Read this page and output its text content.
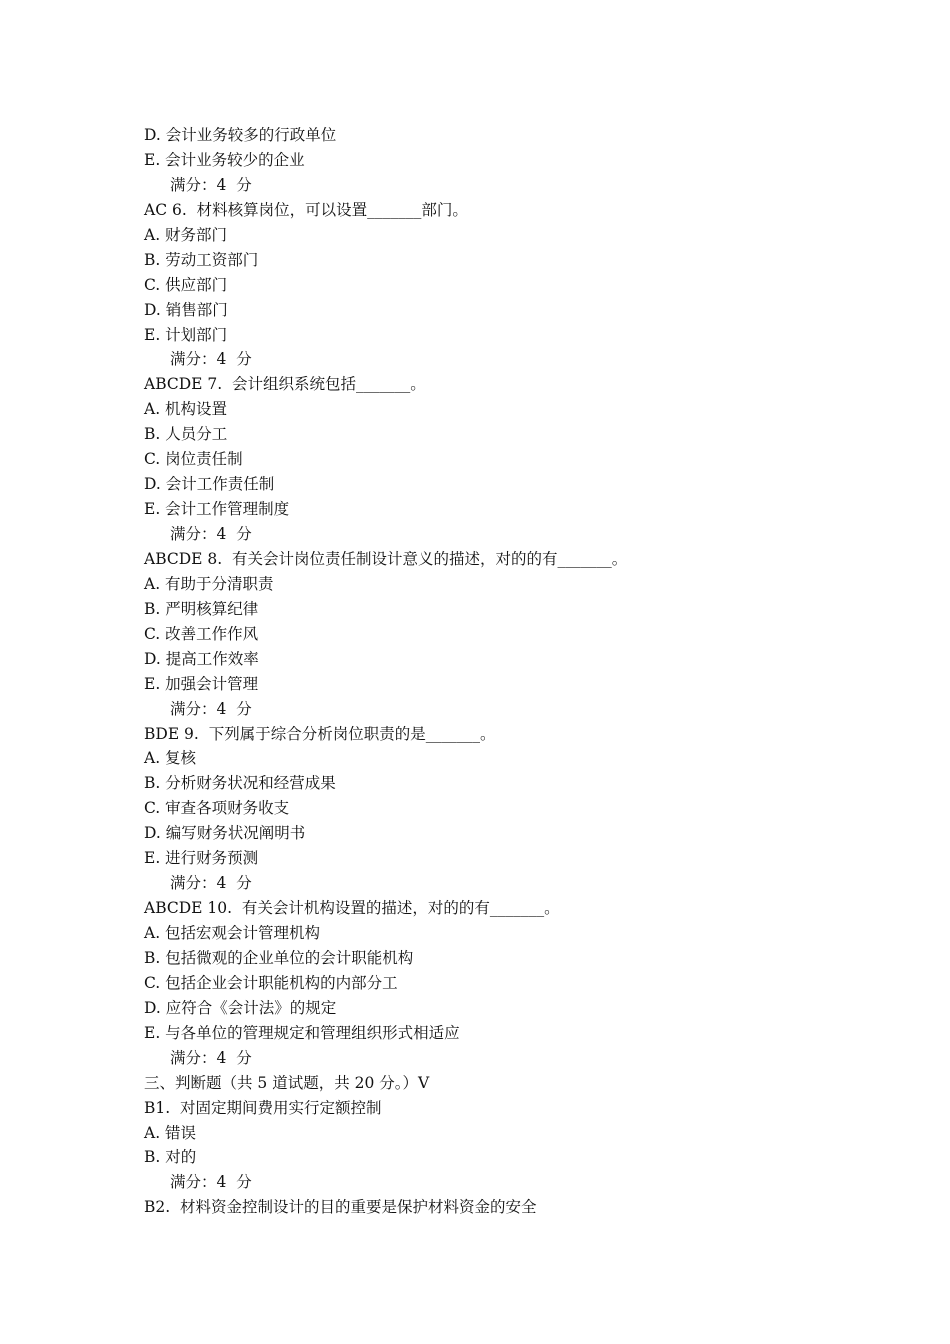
D. 会计业务较多的行政单位
E. 会计业务较少的企业
满分：4  分
AC 6.  材料核算岗位，可以设置_______部门。
A. 财务部门
B. 劳动工资部门
C. 供应部门
D. 销售部门
E. 计划部门
满分：4  分
ABCDE 7.  会计组织系统包括_______。
A. 机构设置
B. 人员分工
C. 岗位责任制
D. 会计工作责任制
E. 会计工作管理制度
满分：4  分
ABCDE 8.  有关会计岗位责任制设计意义的描述，对的的有_______。
A. 有助于分清职责
B. 严明核算纪律
C. 改善工作作风
D. 提高工作效率
E. 加强会计管理
满分：4  分
BDE 9.  下列属于综合分析岗位职责的是_______。
A. 复核
B. 分析财务状况和经营成果
C. 审查各项财务收支
D. 编写财务状况阐明书
E. 进行财务预测
满分：4  分
ABCDE 10.  有关会计机构设置的描述，对的的有_______。
A. 包括宏观会计管理机构
B. 包括微观的企业单位的会计职能机构
C. 包括企业会计职能机构的内部分工
D. 应符合《会计法》的规定
E. 与各单位的管理规定和管理组织形式相适应
满分：4  分
三、判断题（共 5 道试题，共 20 分。）V
B1.  对固定期间费用实行定额控制
A. 错误
B. 对的
满分：4  分
B2.  材料资金控制设计的目的重要是保护材料资金的安全
